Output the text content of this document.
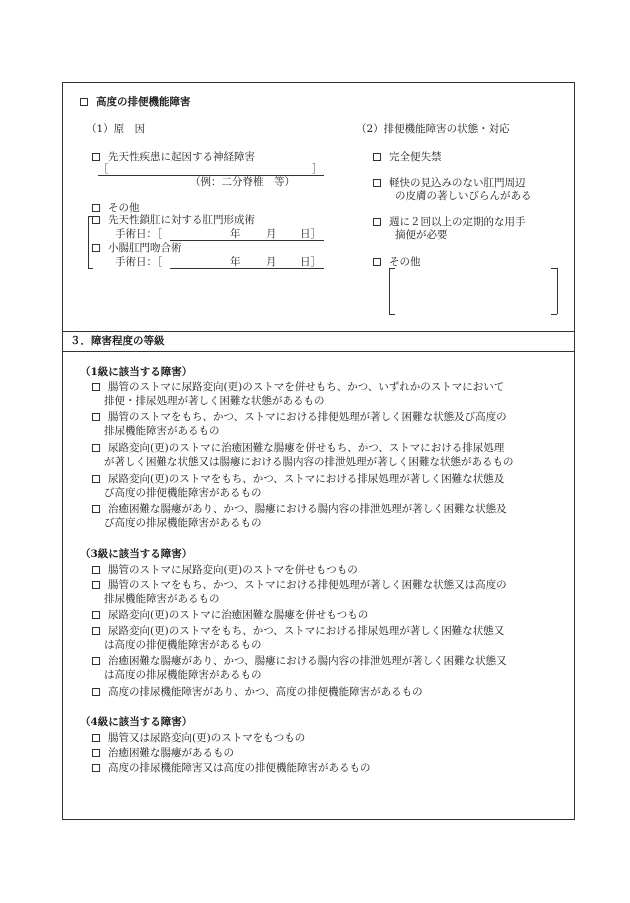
高度の排便機能障害
（1）原　因
先天性疾患に起因する神経障害
［	］
（例：二分脊椎　等）
その他
先天性鎖肛に対する肛門形成術
手術日：［	年 月 日］
小腸肛門吻合術
手術日：［	年 月 日］
（2）排便機能障害の状態・対応
完全便失禁
軽快の見込みのない肛門周辺
の皮膚の著しいびらんがある
週に２回以上の定期的な用手
摘便が必要
その他
３．障害程度の等級
（1級に該当する障害）
腸管のストマに尿路変向(更)のストマを併せもち、かつ、いずれかのストマにおいて
排便・排尿処理が著しく困難な状態があるもの
腸管のストマをもち、かつ、ストマにおける排便処理が著しく困難な状態及び高度の
排尿機能障害があるもの
尿路変向(更)のストマに治癒困難な腸瘻を併せもち、かつ、ストマにおける排尿処理
が著しく困難な状態又は腸瘻における腸内容の排泄処理が著しく困難な状態があるもの
尿路変向(更)のストマをもち、かつ、ストマにおける排尿処理が著しく困難な状態及
び高度の排便機能障害があるもの
治癒困難な腸瘻があり、かつ、腸瘻における腸内容の排泄処理が著しく困難な状態及
び高度の排尿機能障害があるもの
（3級に該当する障害）
腸管のストマに尿路変向(更)のストマを併せもつもの
腸管のストマをもち、かつ、ストマにおける排便処理が著しく困難な状態又は高度の
排尿機能障害があるもの
尿路変向(更)のストマに治癒困難な腸瘻を併せもつもの
尿路変向(更)のストマをもち、かつ、ストマにおける排尿処理が著しく困難な状態又
は高度の排便機能障害があるもの
治癒困難な腸瘻があり、かつ、腸瘻における腸内容の排泄処理が著しく困難な状態又
は高度の排尿機能障害があるもの
高度の排尿機能障害があり、かつ、高度の排便機能障害があるもの
（4級に該当する障害）
腸管又は尿路変向(更)のストマをもつもの
治癒困難な腸瘻があるもの
高度の排尿機能障害又は高度の排便機能障害があるもの
